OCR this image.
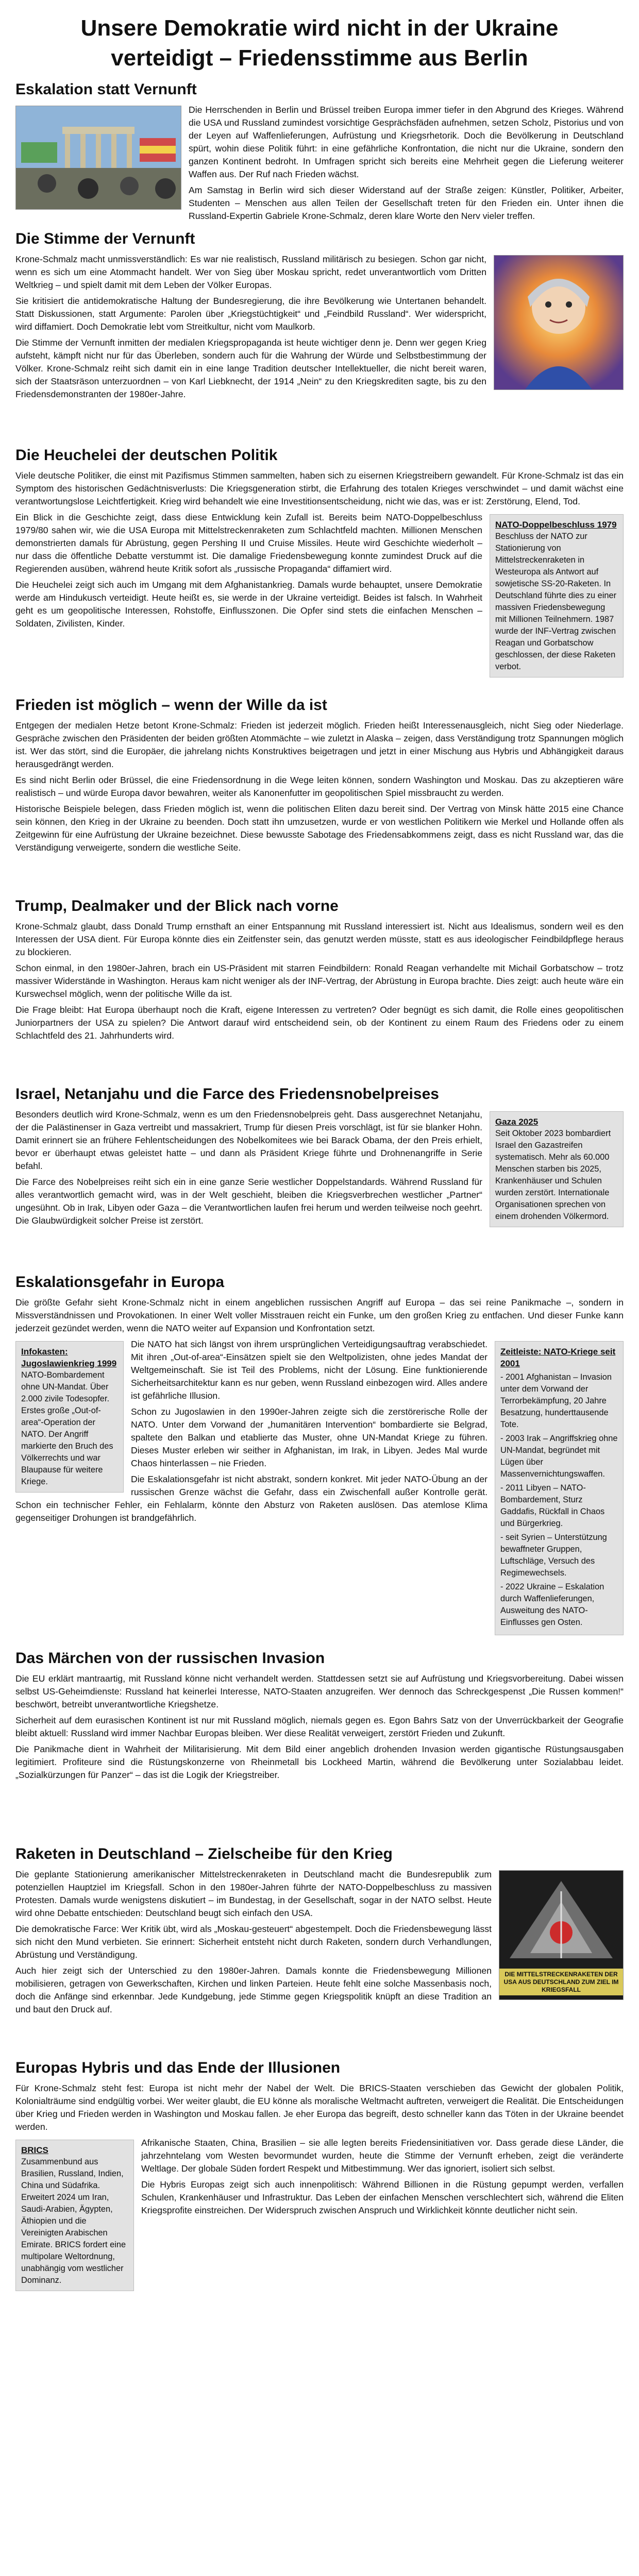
Unsere Demokratie wird nicht in der Ukraine
verteidigt – Friedensstimme aus Berlin
Eskalation statt Vernunft

Die Herrschenden in Berlin und Brüssel treiben Europa immer tiefer in den Abgrund des Krieges. Während die USA und Russland zumindest vorsichtige Gesprächsfäden aufnehmen, setzen Scholz, Pistorius und von der Leyen auf Waffenlieferungen, Aufrüstung und Kriegsrhetorik. Doch die Bevölkerung in Deutschland spürt, wohin diese Politik führt: in eine gefährliche Konfrontation, die nicht nur die Ukraine, sondern den ganzen Kontinent bedroht. In Umfragen spricht sich bereits eine Mehrheit gegen die Lieferung weiterer Waffen aus. Der Ruf nach Frieden wächst.

Am Samstag in Berlin wird sich dieser Widerstand auf der Straße zeigen: Künstler, Politiker, Arbeiter, Studenten – Menschen aus allen Teilen der Gesellschaft treten für den Frieden ein. Unter ihnen die Russland-Expertin Gabriele Krone-Schmalz, deren klare Worte den Nerv vieler treffen.

Die Stimme der Vernunft

Krone-Schmalz macht unmissverständlich: Es war nie realistisch, Russland militärisch zu besiegen. Schon gar nicht, wenn es sich um eine Atommacht handelt. Wer von Sieg über Moskau spricht, redet unverantwortlich vom Dritten Weltkrieg – und spielt damit mit dem Leben der Völker Europas.

Sie kritisiert die antidemokratische Haltung der Bundesregierung, die ihre Bevölkerung wie Untertanen behandelt. Statt Diskussionen, statt Argumente: Parolen über „Kriegstüchtigkeit“ und „Feindbild Russland“. Wer widerspricht, wird diffamiert. Doch Demokratie lebt vom Streitkultur, nicht vom Maulkorb.

Die Stimme der Vernunft inmitten der medialen Kriegspropaganda ist heute wichtiger denn je. Denn wer gegen Krieg aufsteht, kämpft nicht nur für das Überleben, sondern auch für die Wahrung der Würde und Selbstbestimmung der Völker. Krone-Schmalz reiht sich damit ein in eine lange Tradition deutscher Intellektueller, die nicht bereit waren, sich der Staatsräson unterzuordnen – von Karl Liebknecht, der 1914 „Nein“ zu den Kriegskrediten sagte, bis zu den Friedensdemonstranten der 1980er-Jahre.

Die Heuchelei der deutschen Politik

Viele deutsche Politiker, die einst mit Pazifismus Stimmen sammelten, haben sich zu eisernen Kriegstreibern gewandelt. Für Krone-Schmalz ist das ein Symptom des historischen Gedächtnisverlusts: Die Kriegsgeneration stirbt, die Erfahrung des totalen Krieges verschwindet – und damit wächst eine verantwortungslose Leichtfertigkeit. Krieg wird behandelt wie eine Investitionsentscheidung, nicht wie das, was er ist: Zerstörung, Elend, Tod.

NATO-Doppelbeschluss 1979

Beschluss der NATO zur Stationierung von Mittelstreckenraketen in Westeuropa als Antwort auf sowjetische SS-20-Raketen. In Deutschland führte dies zu einer massiven Friedensbewegung mit Millionen Teilnehmern. 1987 wurde der INF-Vertrag zwischen Reagan und Gorbatschow geschlossen, der diese Raketen verbot.

Ein Blick in die Geschichte zeigt, dass diese Entwicklung kein Zufall ist. Bereits beim NATO-Doppelbeschluss 1979/80 sahen wir, wie die USA Europa mit Mittelstreckenraketen zum Schlachtfeld machten. Millionen Menschen demonstrierten damals für Abrüstung, gegen Pershing II und Cruise Missiles. Heute wird Geschichte wiederholt – nur dass die öffentliche Debatte verstummt ist. Die damalige Friedensbewegung konnte zumindest Druck auf die Regierenden ausüben, während heute Kritik sofort als „russische Propaganda“ diffamiert wird.

Die Heuchelei zeigt sich auch im Umgang mit dem Afghanistankrieg. Damals wurde behauptet, unsere Demokratie werde am Hindukusch verteidigt. Heute heißt es, sie werde in der Ukraine verteidigt. Beides ist falsch. In Wahrheit geht es um geopolitische Interessen, Rohstoffe, Einflusszonen. Die Opfer sind stets die einfachen Menschen – Soldaten, Zivilisten, Kinder.

Frieden ist möglich – wenn der Wille da ist

Entgegen der medialen Hetze betont Krone-Schmalz: Frieden ist jederzeit möglich. Frieden heißt Interessenausgleich, nicht Sieg oder Niederlage. Gespräche zwischen den Präsidenten der beiden größten Atommächte – wie zuletzt in Alaska – zeigen, dass Verständigung trotz Spannungen möglich ist. Wer das stört, sind die Europäer, die jahrelang nichts Konstruktives beigetragen und jetzt in einer Mischung aus Hybris und Abhängigkeit daraus herausgedrängt werden.

Es sind nicht Berlin oder Brüssel, die eine Friedensordnung in die Wege leiten können, sondern Washington und Moskau. Das zu akzeptieren wäre realistisch – und würde Europa davor bewahren, weiter als Kanonenfutter im geopolitischen Spiel missbraucht zu werden.

Historische Beispiele belegen, dass Frieden möglich ist, wenn die politischen Eliten dazu bereit sind. Der Vertrag von Minsk hätte 2015 eine Chance sein können, den Krieg in der Ukraine zu beenden. Doch statt ihn umzusetzen, wurde er von westlichen Politikern wie Merkel und Hollande offen als Zeitgewinn für eine Aufrüstung der Ukraine bezeichnet. Diese bewusste Sabotage des Friedensabkommens zeigt, dass es nicht Russland war, das die Verständigung verweigerte, sondern die westliche Seite.

Trump, Dealmaker und der Blick nach vorne

Krone-Schmalz glaubt, dass Donald Trump ernsthaft an einer Entspannung mit Russland interessiert ist. Nicht aus Idealismus, sondern weil es den Interessen der USA dient. Für Europa könnte dies ein Zeitfenster sein, das genutzt werden müsste, statt es aus ideologischer Feindbildpflege heraus zu blockieren.

Schon einmal, in den 1980er-Jahren, brach ein US-Präsident mit starren Feindbildern: Ronald Reagan verhandelte mit Michail Gorbatschow – trotz massiver Widerstände in Washington. Heraus kam nicht weniger als der INF-Vertrag, der Abrüstung in Europa brachte. Dies zeigt: auch heute wäre ein Kurswechsel möglich, wenn der politische Wille da ist.

Die Frage bleibt: Hat Europa überhaupt noch die Kraft, eigene Interessen zu vertreten? Oder begnügt es sich damit, die Rolle eines geopolitischen Juniorpartners der USA zu spielen? Die Antwort darauf wird entscheidend sein, ob der Kontinent zu einem Raum des Friedens oder zu einem Schlachtfeld des 21. Jahrhunderts wird.

Israel, Netanjahu und die Farce des Friedensnobelpreises
Gaza 2025

Seit Oktober 2023 bombardiert Israel den Gazastreifen systematisch. Mehr als 60.000 Menschen starben bis 2025, Krankenhäuser und Schulen wurden zerstört. Internationale Organisationen sprechen von einem drohenden Völkermord.

Besonders deutlich wird Krone-Schmalz, wenn es um den Friedensnobelpreis geht. Dass ausgerechnet Netanjahu, der die Palästinenser in Gaza vertreibt und massakriert, Trump für diesen Preis vorschlägt, ist für sie blanker Hohn. Damit erinnert sie an frühere Fehlentscheidungen des Nobelkomitees wie bei Barack Obama, der den Preis erhielt, bevor er überhaupt etwas geleistet hatte – und dann als Präsident Kriege führte und Drohnenangriffe in Serie befahl.

Die Farce des Nobelpreises reiht sich ein in eine ganze Serie westlicher Doppelstandards. Während Russland für alles verantwortlich gemacht wird, was in der Welt geschieht, bleiben die Kriegsverbrechen westlicher „Partner“ ungesühnt. Ob in Irak, Libyen oder Gaza – die Verantwortlichen laufen frei herum und werden teilweise noch geehrt. Die Glaubwürdigkeit solcher Preise ist zerstört.

Eskalationsgefahr in Europa

Die größte Gefahr sieht Krone-Schmalz nicht in einem angeblichen russischen Angriff auf Europa – das sei reine Panikmache –, sondern in Missverständnissen und Provokationen. In einer Welt voller Misstrauen reicht ein Funke, um den großen Krieg zu entfachen. Und dieser Funke kann jederzeit gezündet werden, wenn die NATO weiter auf Expansion und Konfrontation setzt.

Zeitleiste: NATO-Kriege seit 2001
- 2001 Afghanistan – Invasion unter dem Vorwand der Terrorbekämpfung, 20 Jahre Besatzung, hunderttausende Tote.
- 2003 Irak – Angriffskrieg ohne UN-Mandat, begründet mit Lügen über Massenvernichtungswaffen.
- 2011 Libyen – NATO-Bombardement, Sturz Gaddafis, Rückfall in Chaos und Bürgerkrieg.
- seit Syrien – Unterstützung bewaffneter Gruppen, Luftschläge, Versuch des Regimewechsels.
- 2022 Ukraine – Eskalation durch Waffenlieferungen, Ausweitung des NATO-Einflusses gen Osten.
Infokasten: Jugoslawienkrieg 1999

NATO-Bombardement ohne UN-Mandat. Über 2.000 zivile Todesopfer. Erstes große „Out-of-area“-Operation der NATO. Der Angriff markierte den Bruch des Völkerrechts und war Blaupause für weitere Kriege.

Die NATO hat sich längst von ihrem ursprünglichen Verteidigungsauftrag verabschiedet. Mit ihren „Out-of-area“-Einsätzen spielt sie den Weltpolizisten, ohne jedes Mandat der Weltgemeinschaft. Sie ist Teil des Problems, nicht der Lösung. Eine funktionierende Sicherheitsarchitektur kann es nur geben, wenn Russland einbezogen wird. Alles andere ist gefährliche Illusion.

Schon zu Jugoslawien in den 1990er-Jahren zeigte sich die zerstörerische Rolle der NATO. Unter dem Vorwand der „humanitären Intervention“ bombardierte sie Belgrad, spaltete den Balkan und etablierte das Muster, ohne UN-Mandat Kriege zu führen. Dieses Muster erleben wir seither in Afghanistan, im Irak, in Libyen. Jedes Mal wurde Chaos hinterlassen – nie Frieden.

Die Eskalationsgefahr ist nicht abstrakt, sondern konkret. Mit jeder NATO-Übung an der russischen Grenze wächst die Gefahr, dass ein Zwischenfall außer Kontrolle gerät. Schon ein technischer Fehler, ein Fehlalarm, könnte den Absturz von Raketen auslösen. Das atemlose Klima gegenseitiger Drohungen ist brandgefährlich.

Das Märchen von der russischen Invasion

Die EU erklärt mantraartig, mit Russland könne nicht verhandelt werden. Stattdessen setzt sie auf Aufrüstung und Kriegsvorbereitung. Dabei wissen selbst US-Geheimdienste: Russland hat keinerlei Interesse, NATO-Staaten anzugreifen. Wer dennoch das Schreckgespenst „Die Russen kommen!“ beschwört, betreibt unverantwortliche Kriegshetze.

Sicherheit auf dem eurasischen Kontinent ist nur mit Russland möglich, niemals gegen es. Egon Bahrs Satz von der Unverrückbarkeit der Geografie bleibt aktuell: Russland wird immer Nachbar Europas bleiben. Wer diese Realität verweigert, zerstört Frieden und Zukunft.

Die Panikmache dient in Wahrheit der Militarisierung. Mit dem Bild einer angeblich drohenden Invasion werden gigantische Rüstungsausgaben legitimiert. Profiteure sind die Rüstungskonzerne von Rheinmetall bis Lockheed Martin, während die Bevölkerung unter Sozialabbau leidet. „Sozialkürzungen für Panzer“ – das ist die Logik der Kriegstreiber.

Raketen in Deutschland – Zielscheibe für den Krieg
DIE MITTELSTRECKENRAKETEN DER USA AUS DEUTSCHLAND ZUM ZIEL IM KRIEGSFALL

Die geplante Stationierung amerikanischer Mittelstreckenraketen in Deutschland macht die Bundesrepublik zum potenziellen Hauptziel im Kriegsfall. Schon in den 1980er-Jahren führte der NATO-Doppelbeschluss zu massiven Protesten. Damals wurde wenigstens diskutiert – im Bundestag, in der Gesellschaft, sogar in der NATO selbst. Heute wird ohne Debatte entschieden: Deutschland beugt sich einfach den USA.

Die demokratische Farce: Wer Kritik übt, wird als „Moskau-gesteuert“ abgestempelt. Doch die Friedensbewegung lässt sich nicht den Mund verbieten. Sie erinnert: Sicherheit entsteht nicht durch Raketen, sondern durch Verhandlungen, Abrüstung und Verständigung.

Auch hier zeigt sich der Unterschied zu den 1980er-Jahren. Damals konnte die Friedensbewegung Millionen mobilisieren, getragen von Gewerkschaften, Kirchen und linken Parteien. Heute fehlt eine solche Massenbasis noch, doch die Anfänge sind erkennbar. Jede Kundgebung, jede Stimme gegen Kriegspolitik knüpft an diese Tradition an und baut den Druck auf.

Europas Hybris und das Ende der Illusionen

Für Krone-Schmalz steht fest: Europa ist nicht mehr der Nabel der Welt. Die BRICS-Staaten verschieben das Gewicht der globalen Politik, Kolonialträume sind endgültig vorbei. Wer weiter glaubt, die EU könne als moralische Weltmacht auftreten, verweigert die Realität. Die Entscheidungen über Krieg und Frieden werden in Washington und Moskau fallen. Je eher Europa das begreift, desto schneller kann das Töten in der Ukraine beendet werden.

BRICS

Zusammenbund aus Brasilien, Russland, Indien, China und Südafrika. Erweitert 2024 um Iran, Saudi-Arabien, Ägypten, Äthiopien und die Vereinigten Arabischen Emirate. BRICS fordert eine multipolare Weltordnung, unabhängig vom westlicher Dominanz.

Afrikanische Staaten, China, Brasilien – sie alle legten bereits Friedensinitiativen vor. Dass gerade diese Länder, die jahrzehntelang vom Westen bevormundet wurden, heute die Stimme der Vernunft erheben, zeigt die veränderte Weltlage. Der globale Süden fordert Respekt und Mitbestimmung. Wer das ignoriert, isoliert sich selbst.

Die Hybris Europas zeigt sich auch innenpolitisch: Während Billionen in die Rüstung gepumpt werden, verfallen Schulen, Krankenhäuser und Infrastruktur. Das Leben der einfachen Menschen verschlechtert sich, während die Eliten Kriegsprofite einstreichen. Der Widerspruch zwischen Anspruch und Wirklichkeit könnte deutlicher nicht sein.
